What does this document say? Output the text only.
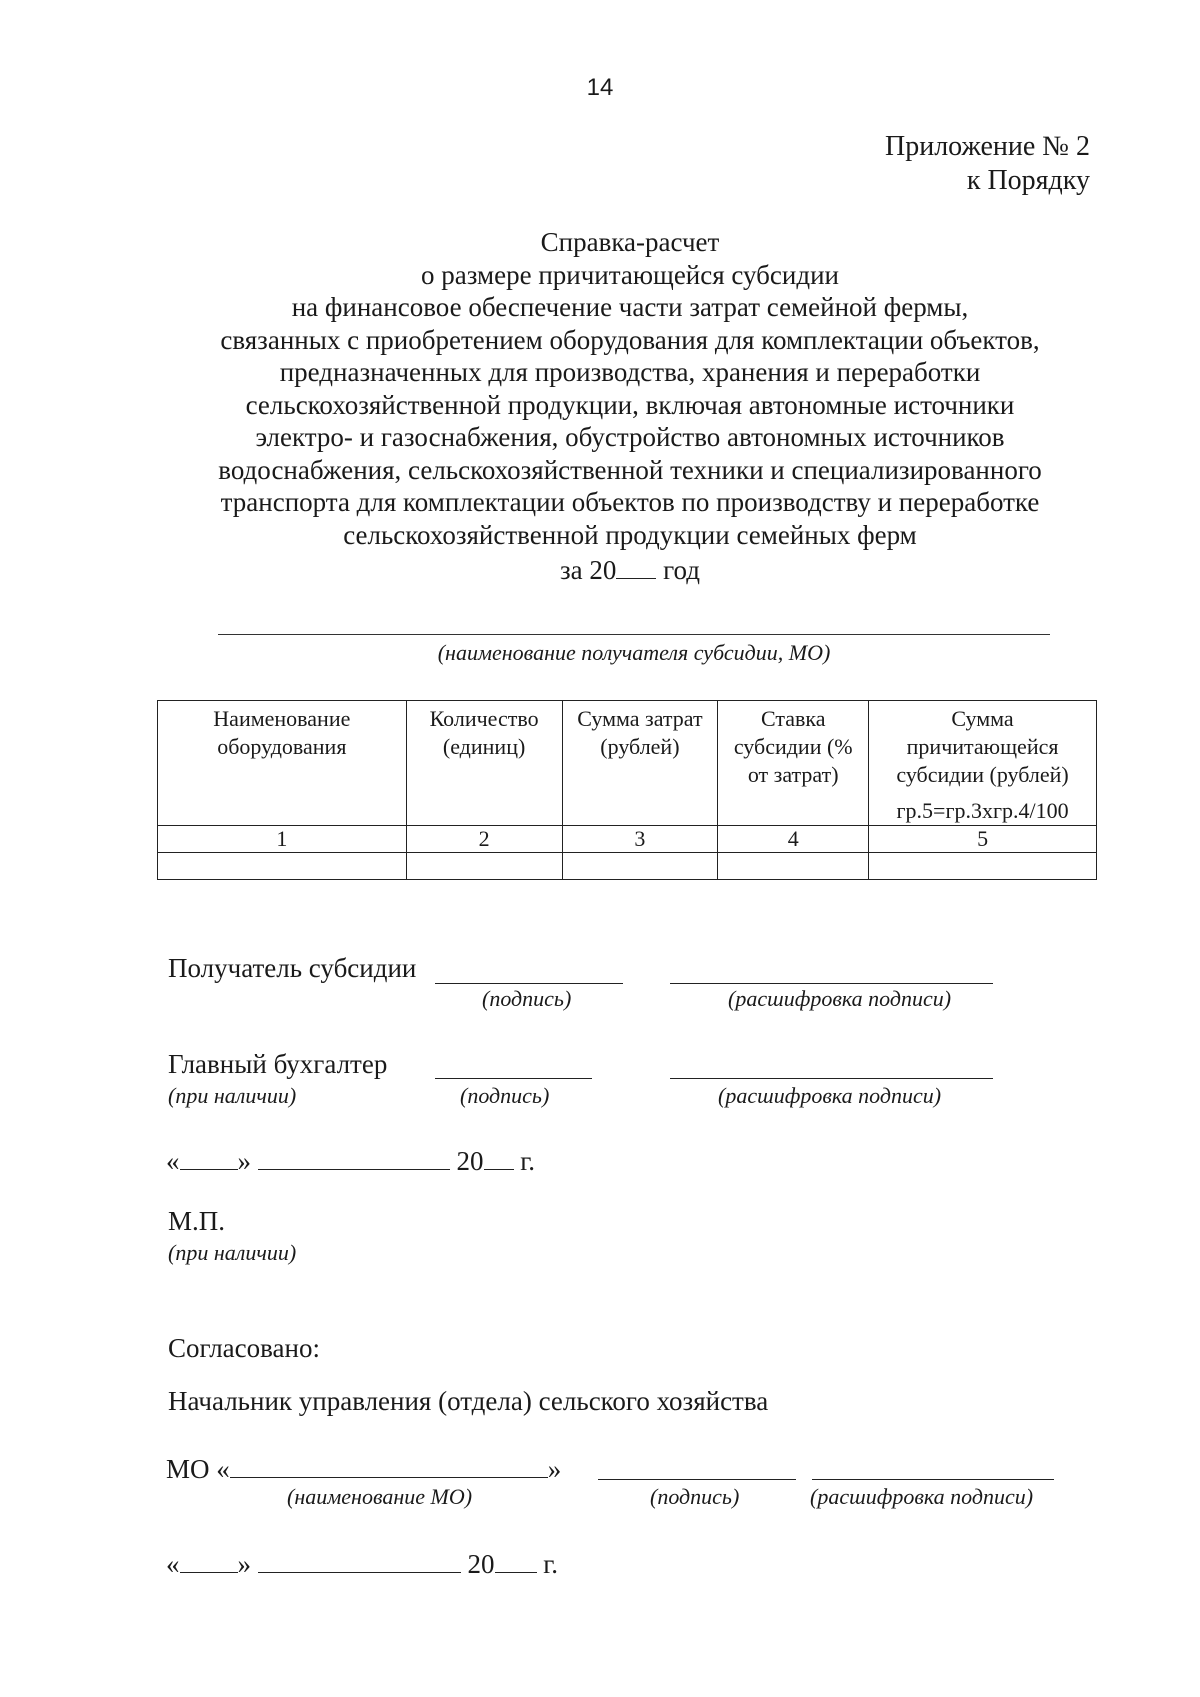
14
Приложение № 2
к Порядку
Справка-расчет
о размере причитающейся субсидии
на финансовое обеспечение части затрат семейной фермы,
связанных с приобретением оборудования для комплектации объектов,
предназначенных для производства, хранения и переработки
сельскохозяйственной продукции, включая автономные источники
электро- и газоснабжения, обустройство автономных источников
водоснабжения, сельскохозяйственной техники и специализированного
транспорта для комплектации объектов по производству и переработке
сельскохозяйственной продукции семейных ферм
за 20 год
(наименование получателя субсидии, МО)
Наименование оборудования	Количество (единиц)	Сумма затрат (рублей)	Ставка субсидии (% от затрат)	Сумма причитающейся субсидии (рублей)
гр.5=гр.3хгр.4/100

1	2	3	4	5

Получатель субсидии
(подпись)	(расшифровка подписи)
Главный бухгалтер
(при наличии)	(подпись)	(расшифровка подписи)
« »	20 г.
М.П.
(при наличии)
Согласовано:
Начальник управления (отдела) сельского хозяйства
МО «	»
(наименование МО)	(подпись)	(расшифровка подписи)
« »	20 г.
